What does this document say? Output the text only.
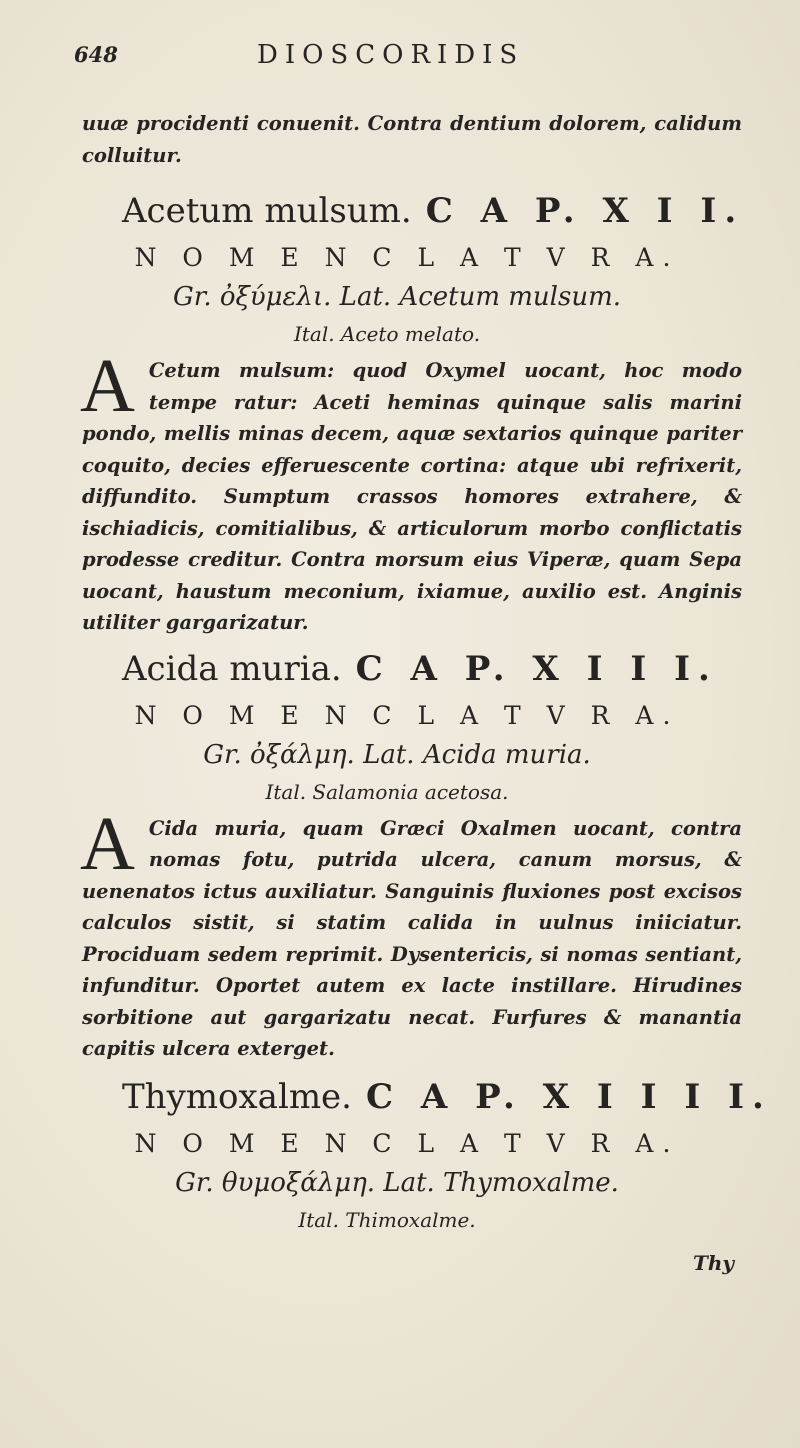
648	DIOSCORIDIS

uuæ procidenti conuenit. Contra dentium dolorem, calidum colluitur.

Acetum mulsum. C A P. X I I.
N O M E N C L A T V R A.
Gr. ὀξύμελι. Lat. Acetum mulsum.
Ital. Aceto melato.

A Cetum mulsum: quod Oxymel uocant, hoc modo tempe ratur: Aceti heminas quinque salis marini pondo, mellis minas decem, aquæ sextarios quinque pariter coquito, decies efferuescente cortina: atque ubi refrixerit, diffundito. Sumptum crassos homores extrahere, & ischiadicis, comitialibus, & articulorum morbo conflictatis prodesse creditur. Contra morsum eius Viperæ, quam Sepa uocant, haustum meconium, ixiamue, auxilio est. Anginis utiliter gargarizatur.

Acida muria. C A P. X I I I.
N O M E N C L A T V R A.
Gr. ὀξάλμη. Lat. Acida muria.
Ital. Salamonia acetosa.

A Cida muria, quam Græci Oxalmen uocant, contra nomas fotu, putrida ulcera, canum morsus, & uenenatos ictus auxiliatur. Sanguinis fluxiones post excisos calculos sistit, si statim calida in uulnus iniiciatur. Prociduam sedem reprimit. Dysentericis, si nomas sentiant, infunditur. Oportet autem ex lacte instillare. Hirudines sorbitione aut gargarizatu necat. Furfures & manantia capitis ulcera exterget.

Thymoxalme. C A P. X I I I I.
N O M E N C L A T V R A.
Gr. θυμοξάλμη. Lat. Thymoxalme.
Ital. Thimoxalme.
Thy
